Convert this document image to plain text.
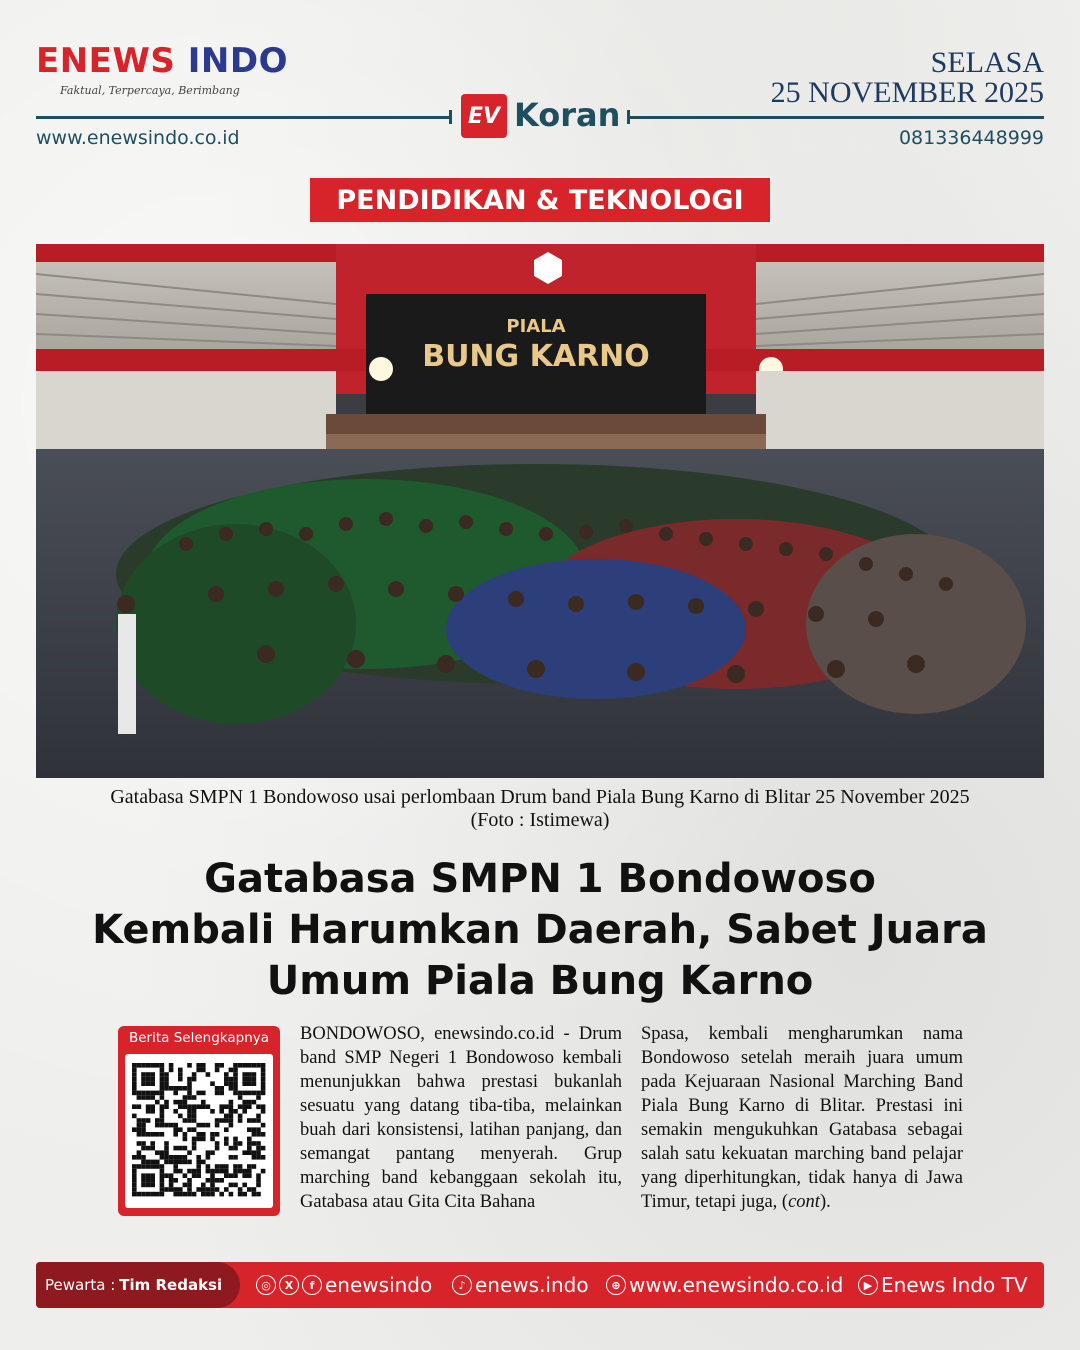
ENEWS INDO
Faktual, Terpercaya, Berimbang
SELASA
25 NOVEMBER 2025
EV Koran
www.enewsindo.co.id	081336448999
PENDIDIKAN & TEKNOLOGI
PIALA
BUNG KARNO
Gatabasa SMPN 1 Bondowoso usai perlombaan Drum band Piala Bung Karno di Blitar 25 November 2025
(Foto : Istimewa)
Gatabasa SMPN 1 Bondowoso
Kembali Harumkan Daerah, Sabet Juara
Umum Piala Bung Karno
Berita Selengkapnya	BONDOWOSO, enewsindo.co.id - Drum band SMP Negeri 1 Bondowoso kembali menunjukkan bahwa prestasi bukanlah sesuatu yang datang tiba-tiba, melainkan buah dari konsistensi, latihan panjang, dan semangat pantang menyerah. Grup marching band kebanggaan sekolah itu, Gatabasa atau Gita Cita Bahana
Spasa, kembali mengharumkan nama Bondowoso setelah meraih juara umum pada Kejuaraan Nasional Marching Band Piala Bung Karno di Blitar. Prestasi ini semakin mengukuhkan Gatabasa sebagai salah satu kekuatan marching band pelajar yang diperhitungkan, tidak hanya di Jawa Timur, tetapi juga, (cont).
Pewarta : Tim Redaksi	◎	X	f enewsindo	♪ enews.indo	⊕ www.enewsindo.co.id	▶ Enews Indo TV
